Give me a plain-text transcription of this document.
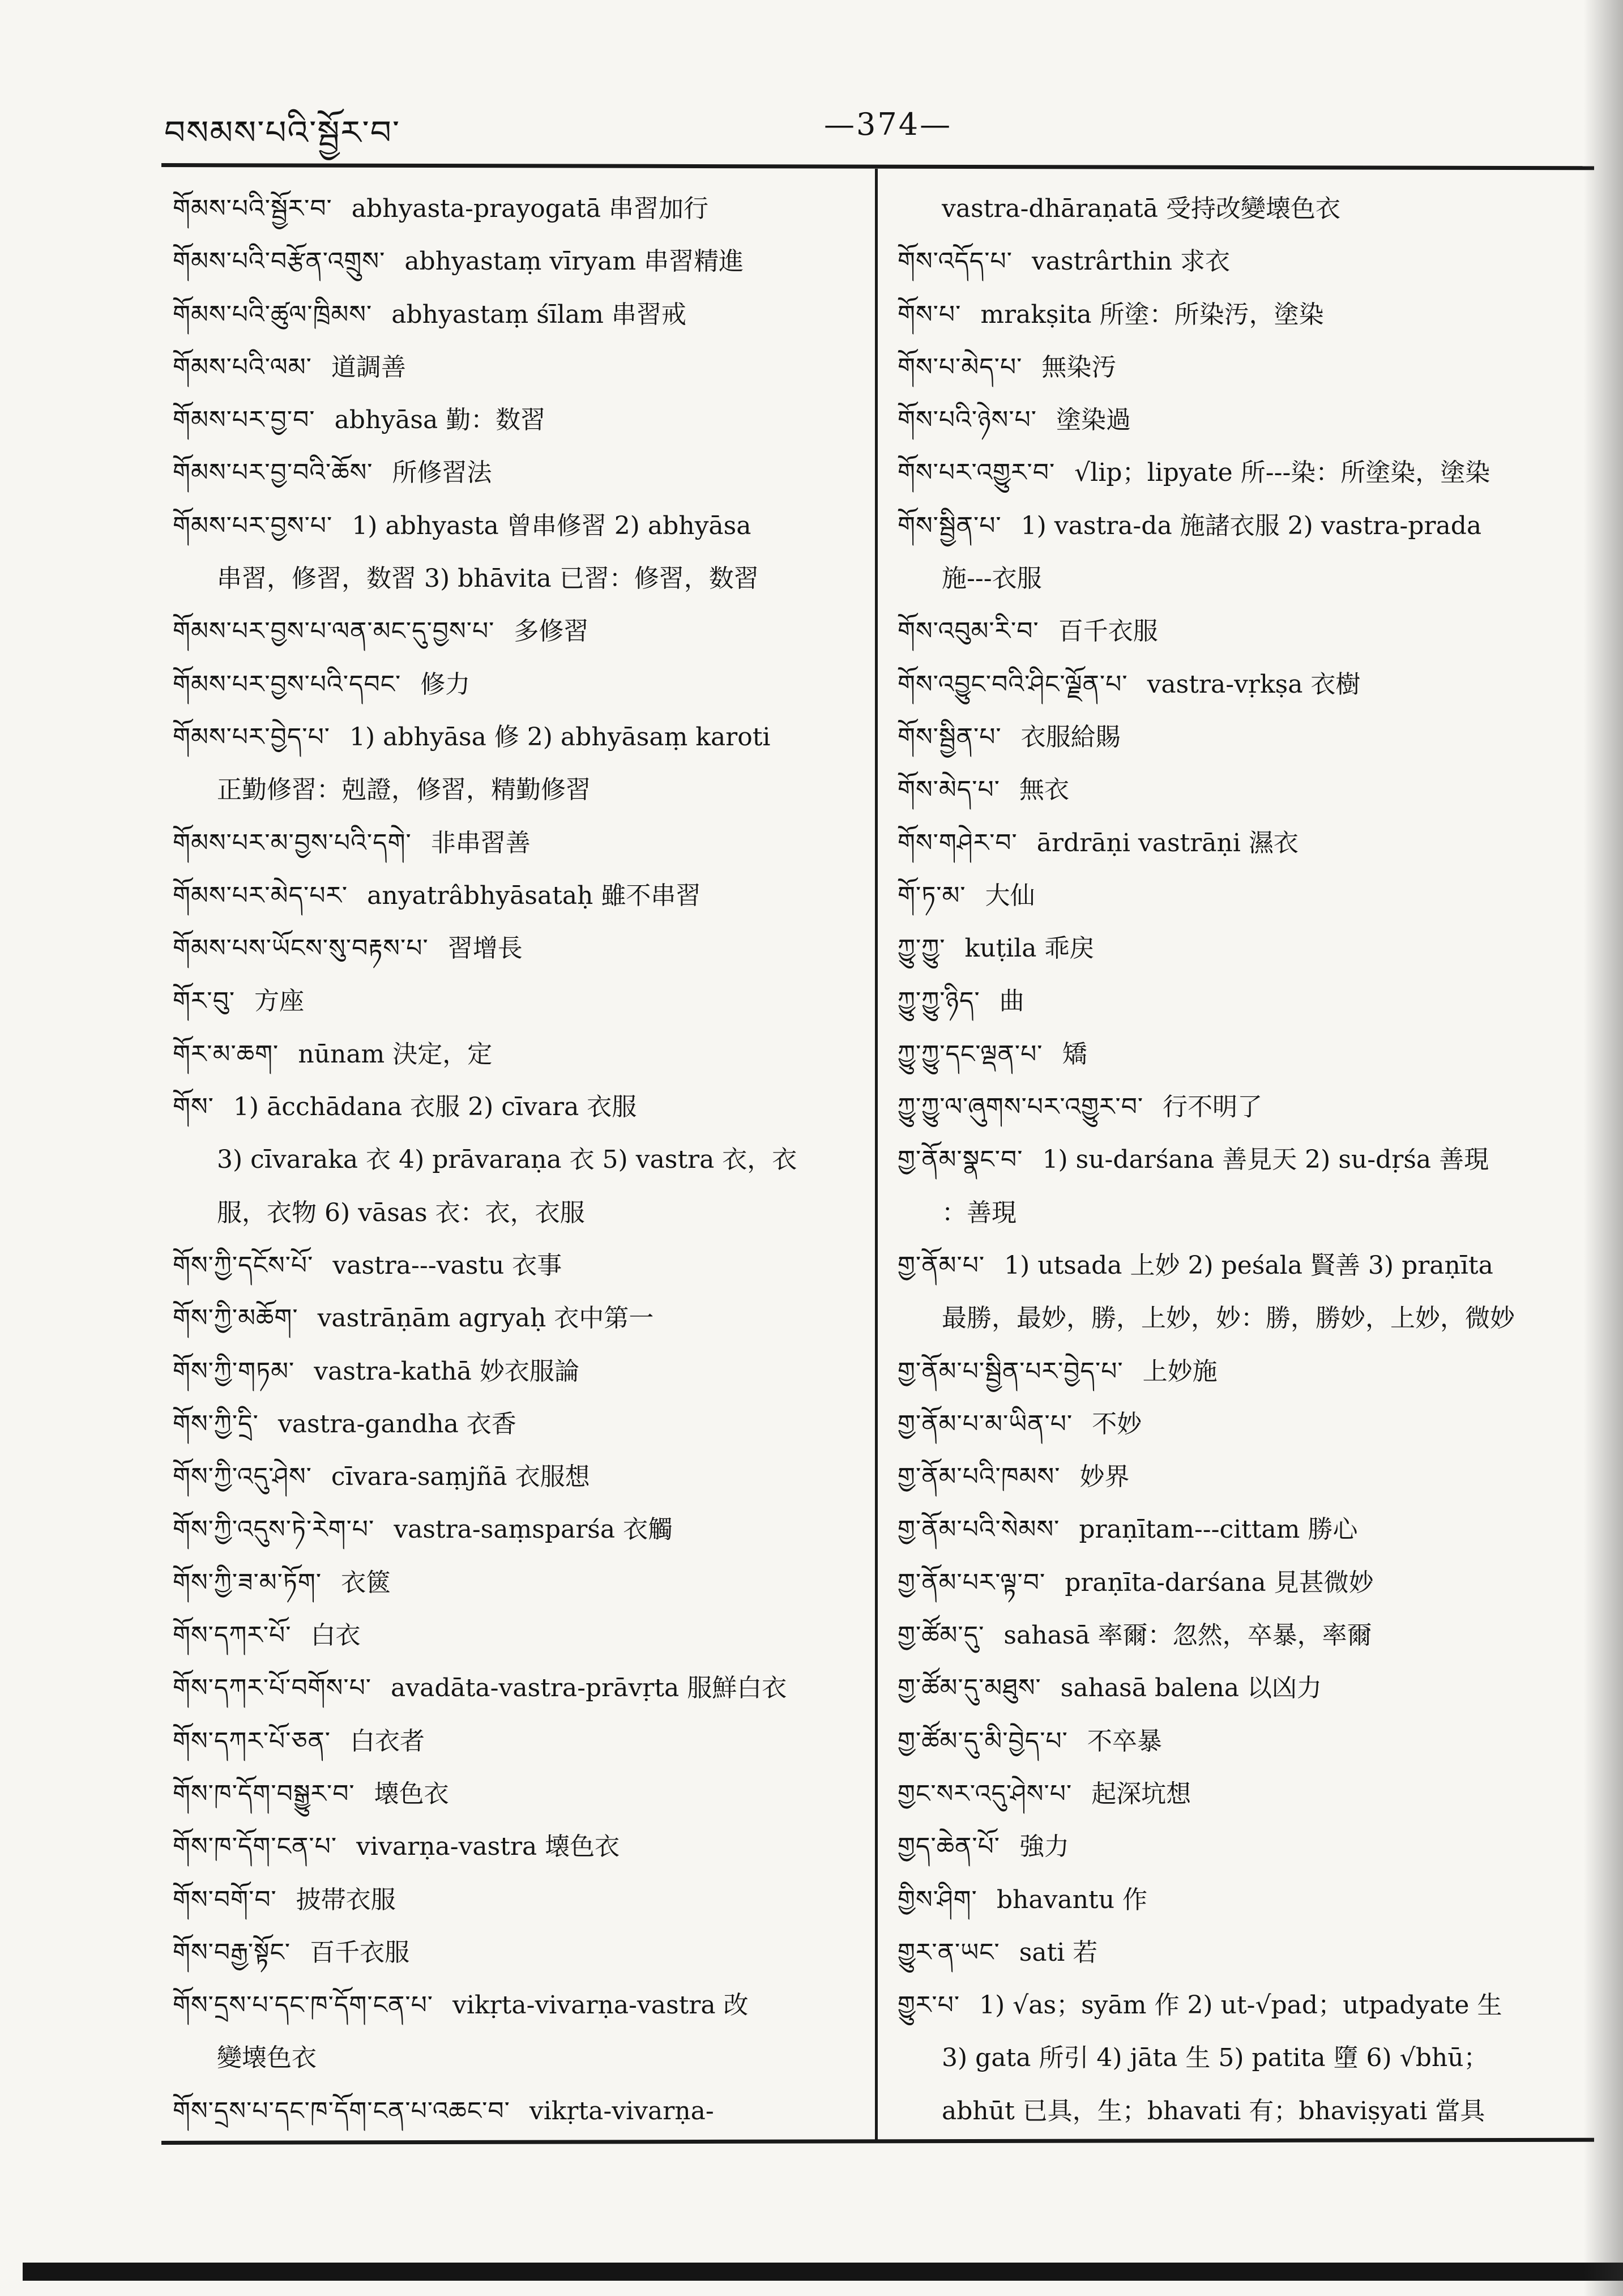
བསམས་པའི་སྦྱོར་བ་	—374—
གོམས་པའི་སྦྱོར་བ་ abhyasta-prayogatā 串習加行
གོམས་པའི་བརྩོན་འགྲུས་ abhyastaṃ vīryam 串習精進
གོམས་པའི་ཚུལ་ཁྲིམས་ abhyastaṃ śīlam 串習戒
གོམས་པའི་ལམ་ 道調善
གོམས་པར་བྱ་བ་ abhyāsa 勤：数習
གོམས་པར་བྱ་བའི་ཆོས་ 所修習法
གོམས་པར་བྱས་པ་ 1) abhyasta 曾串修習 2) abhyāsa
串習，修習，数習 3) bhāvita 已習：修習，数習
གོམས་པར་བྱས་པ་ལན་མང་དུ་བྱས་པ་ 多修習
གོམས་པར་བྱས་པའི་དབང་ 修力
གོམས་པར་བྱེད་པ་ 1) abhyāsa 修 2) abhyāsaṃ karoti
正勤修習：剋證，修習，精勤修習
གོམས་པར་མ་བྱས་པའི་དགེ་ 非串習善
གོམས་པར་མེད་པར་ anyatrâbhyāsataḥ 雖不串習
གོམས་པས་ཡོངས་སུ་བརྟས་པ་ 習增長
གོར་བུ་ 方座
གོར་མ་ཆག་ nūnam 決定，定
གོས་ 1) ācchādana 衣服 2) cīvara 衣服
3) cīvaraka 衣 4) prāvaraṇa 衣 5) vastra 衣，衣
服，衣物 6) vāsas 衣：衣，衣服
གོས་ཀྱི་དངོས་པོ་ vastra---vastu 衣事
གོས་ཀྱི་མཆོག་ vastrāṇām agryaḥ 衣中第一
གོས་ཀྱི་གཏམ་ vastra-kathā 妙衣服論
གོས་ཀྱི་དྲི་ vastra-gandha 衣香
གོས་ཀྱི་འདུ་ཤེས་ cīvara-saṃjñā 衣服想
གོས་ཀྱི་འདུས་ཏེ་རེག་པ་ vastra-saṃsparśa 衣觸
གོས་ཀྱི་ཟ་མ་ཏོག་ 衣篋
གོས་དཀར་པོ་ 白衣
གོས་དཀར་པོ་བགོས་པ་ avadāta-vastra-prāvṛta 服鮮白衣
གོས་དཀར་པོ་ཅན་ 白衣者
གོས་ཁ་དོག་བསྒྱུར་བ་ 壊色衣
གོས་ཁ་དོག་ངན་པ་ vivarṇa-vastra 壊色衣
གོས་བགོ་བ་ 披帯衣服
གོས་བརྒྱ་སྟོང་ 百千衣服
གོས་དྲས་པ་དང་ཁ་དོག་ངན་པ་ vikṛta-vivarṇa-vastra 改
變壊色衣
གོས་དྲས་པ་དང་ཁ་དོག་ངན་པ་འཆང་བ་ vikṛta-vivarṇa-
vastra-dhāraṇatā 受持改變壊色衣
གོས་འདོད་པ་ vastrârthin 求衣
གོས་པ་ mrakṣita 所塗：所染汚，塗染
གོས་པ་མེད་པ་ 無染汚
གོས་པའི་ཉེས་པ་ 塗染過
གོས་པར་འགྱུར་བ་ √lip；lipyate 所---染：所塗染，塗染
གོས་སྦྱིན་པ་ 1) vastra-da 施諸衣服 2) vastra-prada
施---衣服
གོས་འབུམ་རི་བ་ 百千衣服
གོས་འབྱུང་བའི་ཤིང་ལྗོན་པ་ vastra-vṛkṣa 衣樹
གོས་སྦྱིན་པ་ 衣服給賜
གོས་མེད་པ་ 無衣
གོས་གཤེར་བ་ ārdrāṇi vastrāṇi 濕衣
གོ་ཏ་མ་ 大仙
ཀྱུ་ཀྱུ་ kuṭila 乖戻
ཀྱུ་ཀྱུ་ཉིད་ 曲
ཀྱུ་ཀྱུ་དང་ལྡན་པ་ 矯
ཀྱུ་ཀྱུ་ལ་ཞུགས་པར་འགྱུར་བ་ 行不明了
གྱ་ནོམ་སྣང་བ་ 1) su-darśana 善見天 2) su-dṛśa 善現
：善現
གྱ་ནོམ་པ་ 1) utsada 上妙 2) peśala 賢善 3) praṇīta
最勝，最妙，勝，上妙，妙：勝，勝妙，上妙，微妙
གྱ་ནོམ་པ་སྦྱིན་པར་བྱེད་པ་ 上妙施
གྱ་ནོམ་པ་མ་ཡིན་པ་ 不妙
གྱ་ནོམ་པའི་ཁམས་ 妙界
གྱ་ནོམ་པའི་སེམས་ praṇītam---cittam 勝心
གྱ་ནོམ་པར་ལྟ་བ་ praṇīta-darśana 見甚微妙
གྱ་ཚོམ་དུ་ sahasā 率爾：忽然，卒暴，率爾
གྱ་ཚོམ་དུ་མཐུས་ sahasā balena 以凶力
གྱ་ཚོམ་དུ་མི་བྱེད་པ་ 不卒暴
གྱང་སར་འདུ་ཤེས་པ་ 起深坑想
གྱད་ཆེན་པོ་ 強力
གྱིས་ཤིག་ bhavantu 作
གྱུར་ན་ཡང་ sati 若
གྱུར་པ་ 1) √as；syām 作 2) ut-√pad；utpadyate 生
3) gata 所引 4) jāta 生 5) patita 墮 6) √bhū；
abhūt 已具，生；bhavati 有；bhaviṣyati 當具
